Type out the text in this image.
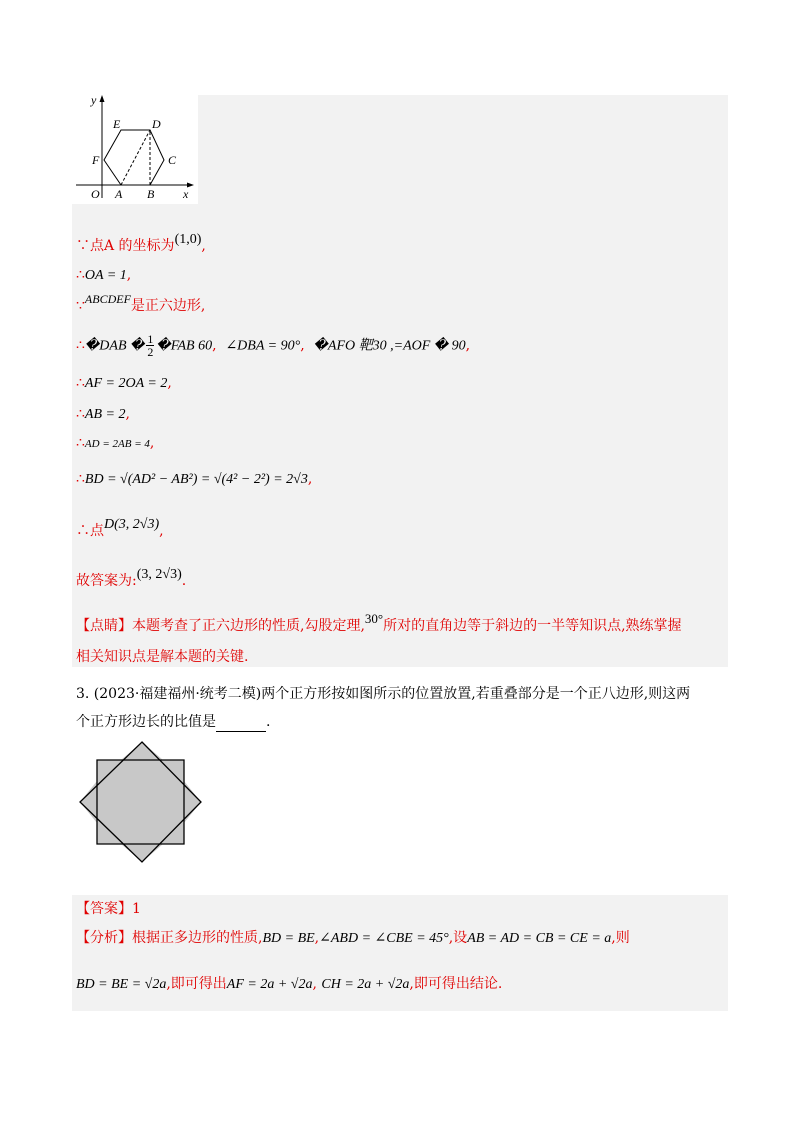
y
x
O A B
C
D
E
F
∵点A 的坐标为(1,0),
∴OA = 1,
∵ABCDEF是正六边形,
∴�DAB � $\frac{1}{2}$ �FAB 60, ∠DBA = 90°, �AFO 靶30 ,=AOF � 90,
∴AF = 2OA = 2,
∴AB = 2,
∴AD = 2AB = 4,
∴BD = √(AD² − AB²) = √(4² − 2²) = 2√3,
∴点D(3, 2√3),
故答案为:(3, 2√3).
【点睛】本题考查了正六边形的性质,勾股定理,30°所对的直角边等于斜边的一半等知识点,熟练掌握
相关知识点是解本题的关键.
3. (2023·福建福州·统考二模)两个正方形按如图所示的位置放置,若重叠部分是一个正八边形,则这两
个正方形边长的比值是	.
【答案】1
【分析】根据正多边形的性质,BD = BE,∠ABD = ∠CBE = 45°,设AB = AD = CB = CE = a,则
BD = BE = √2a,即可得出AF = 2a + √2a, CH = 2a + √2a,即可得出结论.
